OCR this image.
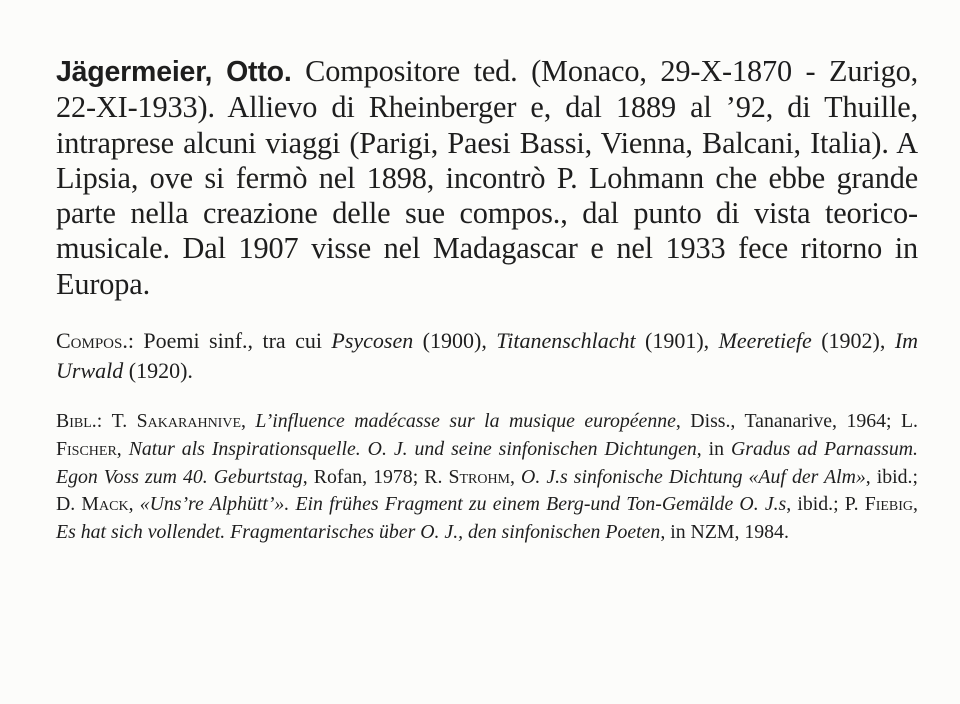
Jägermeier, Otto. Compositore ted. (Monaco, 29-X-1870 - Zurigo, 22-XI-1933). Allievo di Rheinberger e, dal 1889 al ’92, di Thuille, intraprese alcuni viaggi (Parigi, Paesi Bassi, Vienna, Balcani, Italia). A Lipsia, ove si fermò nel 1898, incontrò P. Lohmann che ebbe grande parte nella creazione delle sue compos., dal punto di vista teorico-musicale. Dal 1907 visse nel Madagascar e nel 1933 fece ritorno in Europa.

Compos.: Poemi sinf., tra cui Psycosen (1900), Titanenschlacht (1901), Meeretiefe (1902), Im Urwald (1920).

Bibl.: T. Sakarahnive, L’influence madécasse sur la musique européenne, Diss., Tananarive, 1964; L. Fischer, Natur als Inspirationsquelle. O. J. und seine sinfonischen Dichtungen, in Gradus ad Parnassum. Egon Voss zum 40. Geburtstag, Rofan, 1978; R. Strohm, O. J.s sinfonische Dichtung «Auf der Alm», ibid.; D. Mack, «Uns’re Alphütt’». Ein frühes Fragment zu einem Berg-und Ton-Gemälde O. J.s, ibid.; P. Fiebig, Es hat sich vollendet. Fragmentarisches über O. J., den sinfonischen Poeten, in NZM, 1984.
